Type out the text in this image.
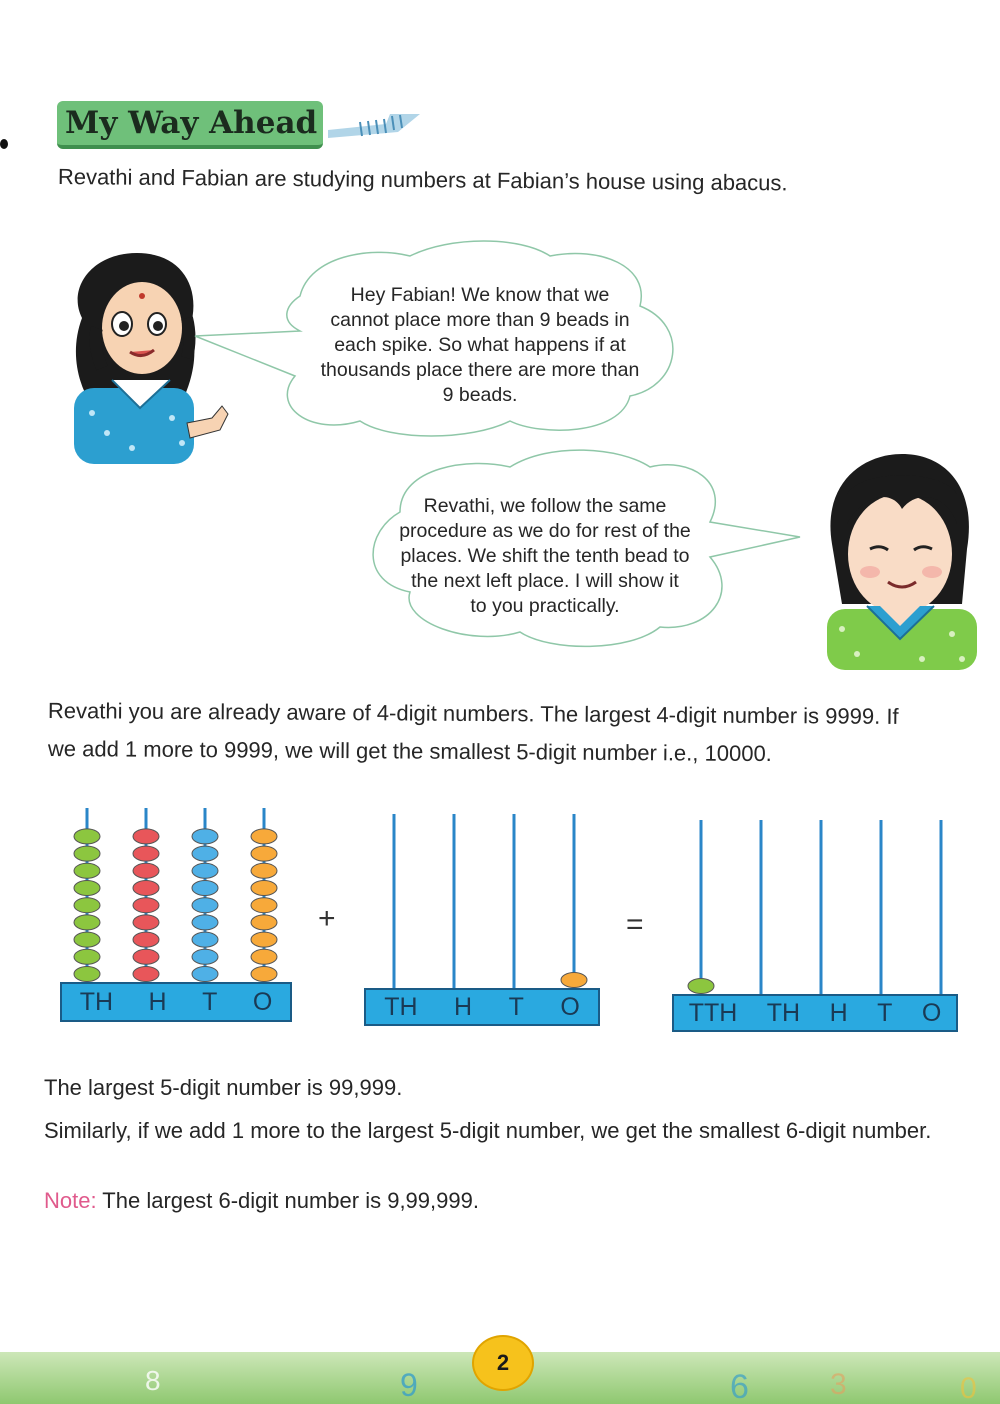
My Way Ahead
Revathi and Fabian are studying numbers at Fabian’s house using abacus.
Hey Fabian! We know that we
cannot place more than 9 beads in
each spike. So what happens if at
thousands place there are more than
9 beads.
Revathi, we follow the same
procedure as we do for rest of the
places. We shift the tenth bead to
the next left place. I will show it
to you practically.
Revathi you are already aware of 4-digit numbers. The largest 4-digit number is 9999. If
we add 1 more to 9999, we will get the smallest 5-digit number i.e., 10000.
TH H T O
+
TH H T O
=
TTH TH H T O
The largest 5-digit number is 99,999.
Similarly, if we add 1 more to the largest 5-digit number, we get the smallest 6-digit number.
Note: The largest 6-digit number is 9,99,999.
8	9	6	3	0
2
